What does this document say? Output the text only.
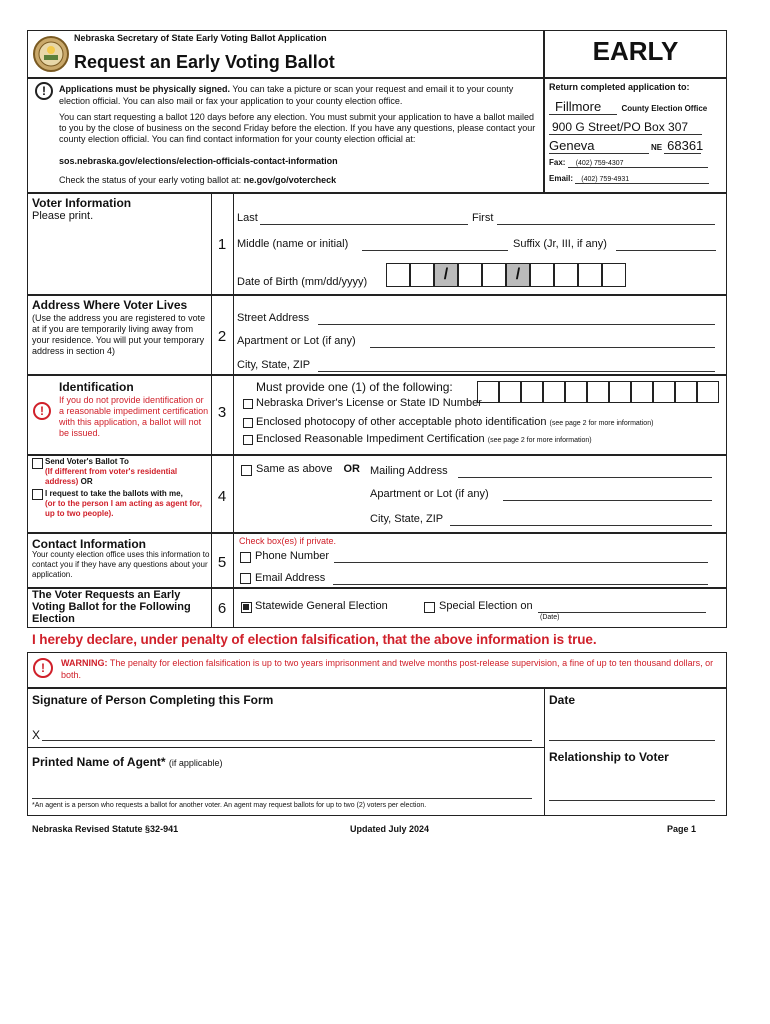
Nebraska Secretary of State Early Voting Ballot Application
Request an Early Voting Ballot	EARLY
!	Applications must be physically signed. You can take a picture or scan your request and email it to your county election official. You can also mail or fax your application to your county election office.
You can start requesting a ballot 120 days before any election. You must submit your application to have a ballot mailed to you by the close of business on the second Friday before the election. If you have any questions, please contact your county election official. You can find contact information for your county election official at:
sos.nebraska.gov/elections/election-officials-contact-information
Check the status of your early voting ballot at: ne.gov/go/votercheck
Return completed application to:
Fillmore	County Election Office
900 G Street/PO Box 307
Geneva	NE 68361
Fax: (402) 759-4307
Email: (402) 759-4931
Voter Information
Please print.
1
Last	First
Middle (name or initial)	Suffix (Jr, III, if any)
Date of Birth (mm/dd/yyyy)	/	/
Address Where Voter Lives
(Use the address you are registered to vote at if you are temporarily living away from your residence. You will put your temporary address in section 4)
2
Street Address
Apartment or Lot (if any)
City, State, ZIP
Identification
!
If you do not provide identification or a reasonable impediment certification with this application, a ballot will not be issued.
3
Must provide one (1) of the following:
Nebraska Driver's License or State ID Number
Enclosed photocopy of other acceptable photo identification (see page 2 for more information)
Enclosed Reasonable Impediment Certification (see page 2 for more information)
Send Voter's Ballot To
(If different from voter's residential address) OR
I request to take the ballots with me,
(or to the person I am acting as agent for, up to two people).
4
Same as above OR Mailing Address
Apartment or Lot (if any)
City, State, ZIP
Contact Information
Your county election office uses this information to contact you if they have any questions about your application.
5
Check box(es) if private.
Phone Number
Email Address
The Voter Requests an Early Voting Ballot for the Following Election
6	Statewide General Election	Special Election on
(Date)
I hereby declare, under penalty of election falsification, that the above information is true.
!	WARNING: The penalty for election falsification is up to two years imprisonment and twelve months post-release supervision, a fine of up to ten thousand dollars, or both.
Signature of Person Completing this Form
X
Date
Printed Name of Agent* (if applicable)
*An agent is a person who requests a ballot for another voter. An agent may request ballots for up to two (2) voters per election.
Relationship to Voter
Nebraska Revised Statute §32-941	Updated July 2024	Page 1
